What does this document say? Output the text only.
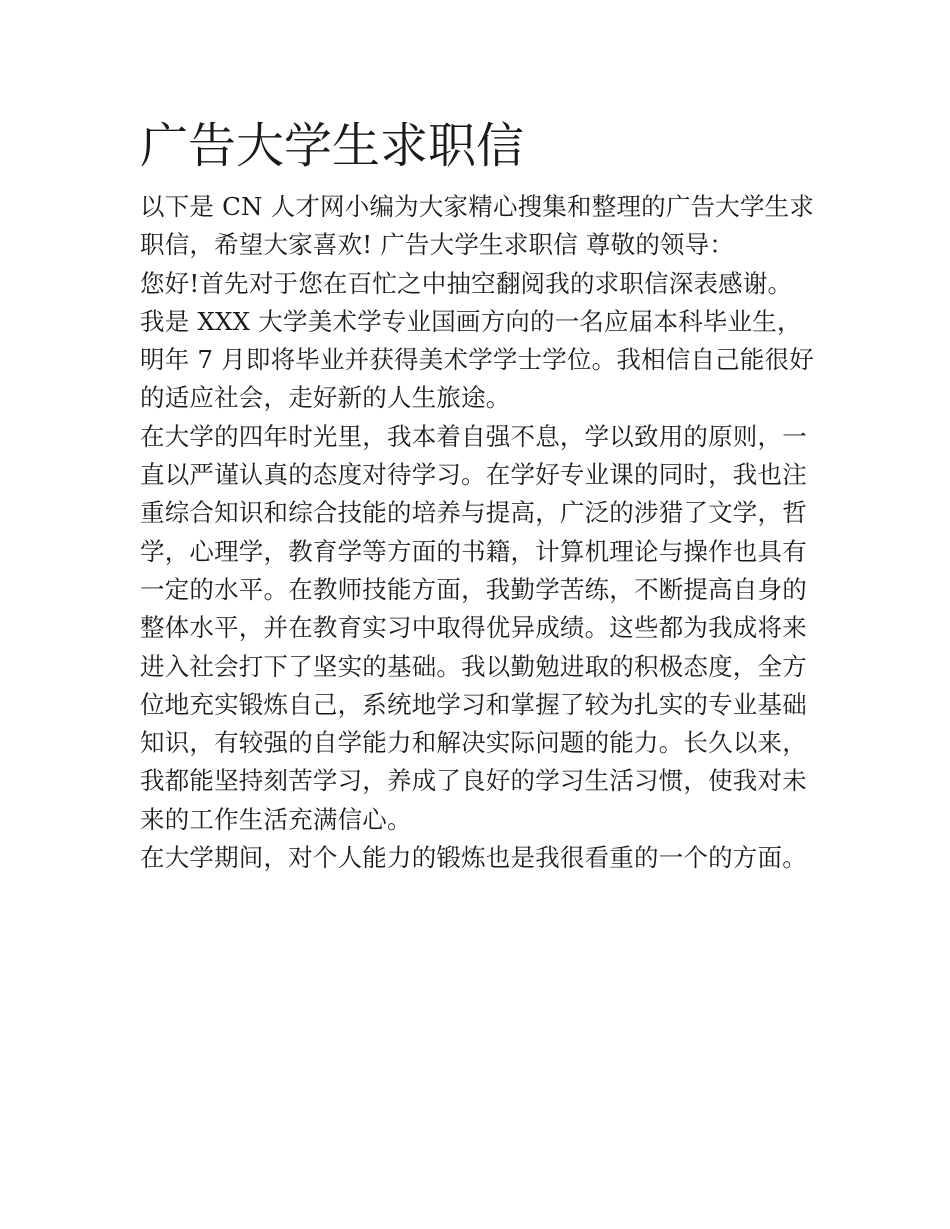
广告大学生求职信

以下是 CN 人才网小编为大家精心搜集和整理的广告大学生求
职信，希望大家喜欢! 广告大学生求职信 尊敬的领导：

您好!首先对于您在百忙之中抽空翻阅我的求职信深表感谢。
我是 XXX 大学美术学专业国画方向的一名应届本科毕业生，
明年 7 月即将毕业并获得美术学学士学位。我相信自己能很好
的适应社会，走好新的人生旅途。

在大学的四年时光里，我本着自强不息，学以致用的原则，一
直以严谨认真的态度对待学习。在学好专业课的同时，我也注
重综合知识和综合技能的培养与提高，广泛的涉猎了文学，哲
学，心理学，教育学等方面的书籍，计算机理论与操作也具有
一定的水平。在教师技能方面，我勤学苦练，不断提高自身的
整体水平，并在教育实习中取得优异成绩。这些都为我成将来
进入社会打下了坚实的基础。我以勤勉进取的积极态度，全方
位地充实锻炼自己，系统地学习和掌握了较为扎实的专业基础
知识，有较强的自学能力和解决实际问题的能力。长久以来，
我都能坚持刻苦学习，养成了良好的学习生活习惯，使我对未
来的工作生活充满信心。

在大学期间，对个人能力的锻炼也是我很看重的一个的方面。
